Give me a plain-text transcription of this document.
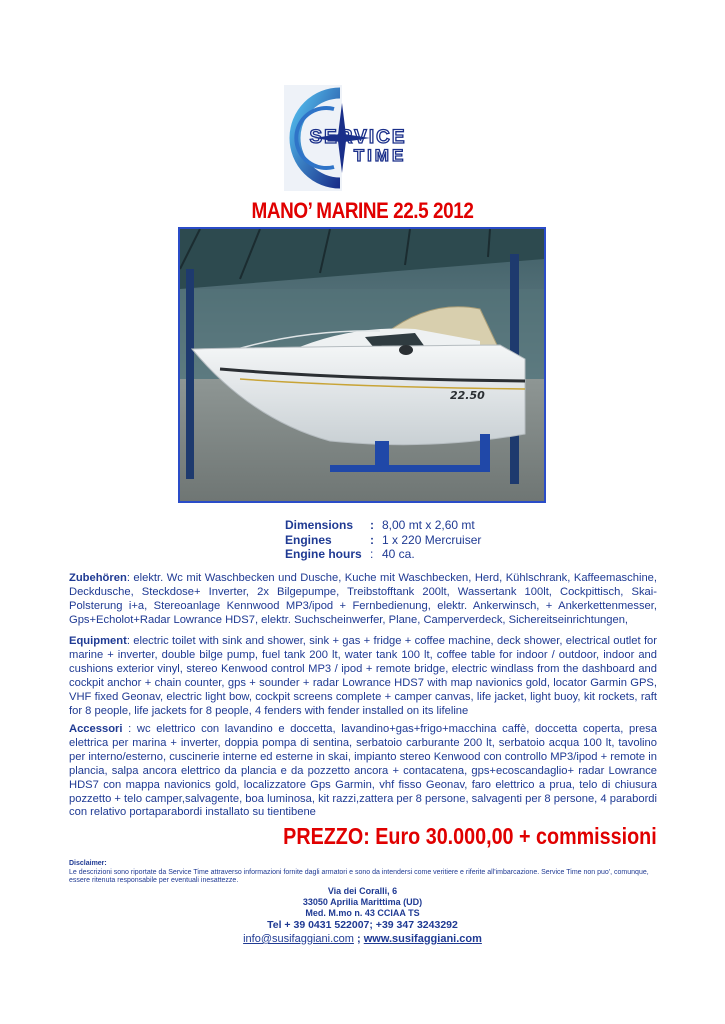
SERVICE
TIME
MANO’ MARINE 22.5 2012
22.50
Dimensions	: 8,00 mt x 2,60 mt
Engines	: 1 x 220 Mercruiser
Engine hours : 40 ca.

Zubehören: elektr. Wc mit Waschbecken und Dusche, Kuche mit Waschbecken, Herd, Kühlschrank, Kaffeemaschine, Deckdusche, Steckdose+ Inverter, 2x Bilgepumpe, Treibstofftank 200lt, Wassertank 100lt, Cockpittisch, Skai-Polsterung i+a, Stereoanlage Kennwood MP3/ipod + Fernbedienung, elektr. Ankerwinsch, + Ankerkettenmesser, Gps+Echolot+Radar Lowrance HDS7, elektr. Suchscheinwerfer, Plane, Camperverdeck, Sichereitseinrichtungen,

Equipment: electric toilet with sink and shower, sink + gas + fridge + coffee machine, deck shower, electrical outlet for marine + inverter, double bilge pump, fuel tank 200 lt, water tank 100 lt, coffee table for indoor / outdoor, indoor and cushions exterior vinyl, stereo Kenwood control MP3 / ipod + remote bridge, electric windlass from the dashboard and cockpit anchor + chain counter, gps + sounder + radar Lowrance HDS7 with map navionics gold, locator Garmin GPS, VHF fixed Geonav, electric light bow, cockpit screens complete + camper canvas, life jacket, light buoy, kit rockets, raft for 8 people, life jackets for 8 people, 4 fenders with fender installed on its lifeline

Accessori : wc elettrico con lavandino e doccetta, lavandino+gas+frigo+macchina caffè, doccetta coperta, presa elettrica per marina + inverter, doppia pompa di sentina, serbatoio carburante 200 lt, serbatoio acqua 100 lt, tavolino per interno/esterno, cuscinerie interne ed esterne in skai, impianto stereo Kenwood con controllo MP3/ipod + remote in plancia, salpa ancora elettrico da plancia e da pozzetto ancora + contacatena, gps+ecoscandaglio+ radar Lowrance HDS7 con mappa navionics gold, localizzatore Gps Garmin, vhf fisso Geonav, faro elettrico a prua, telo di chiusura pozzetto + telo camper,salvagente, boa luminosa, kit razzi,zattera per 8 persone, salvagenti per 8 persone, 4 parabordi con relativo portaparabordi installato su tientibene

PREZZO: Euro 30.000,00 + commissioni

Disclaimer:
Le descrizioni sono riportate da Service Time attraverso informazioni fornite dagli armatori e sono da intendersi come veritiere e riferite all'imbarcazione. Service Time non puo', comunque, essere ritenuta responsabile per eventuali inesattezze.
Via dei Coralli, 6
33050 Aprilia Marittima (UD)
Med. M.mo n. 43 CCIAA TS
Tel + 39 0431 522007; +39 347 3243292
info@susifaggiani.com ; www.susifaggiani.com
